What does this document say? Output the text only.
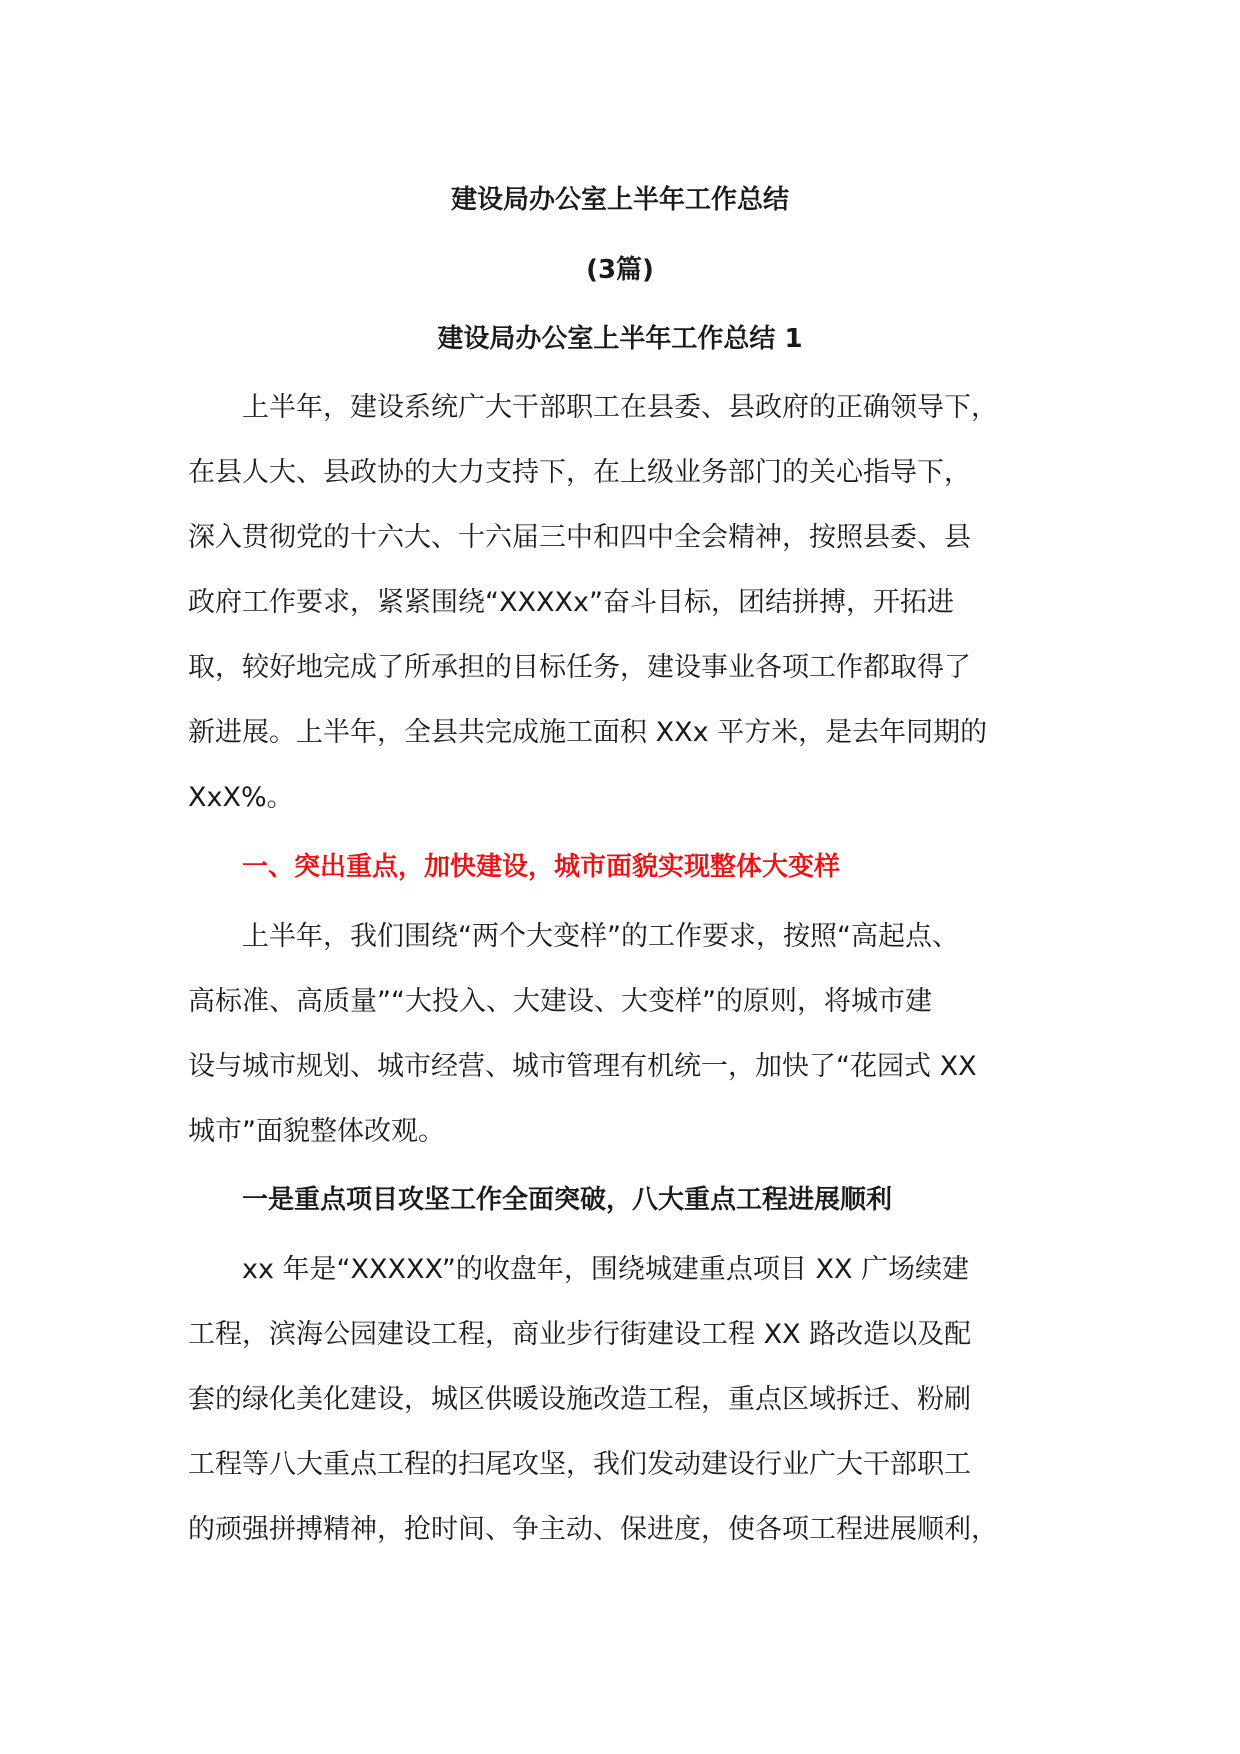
建设局办公室上半年工作总结
(3篇)
建设局办公室上半年工作总结 1
上半年，建设系统广大干部职工在县委、县政府的正确领导下，
在县人大、县政协的大力支持下，在上级业务部门的关心指导下，
深入贯彻党的十六大、十六届三中和四中全会精神，按照县委、县
政府工作要求，紧紧围绕“XXXXx”奋斗目标，团结拼搏，开拓进
取，较好地完成了所承担的目标任务，建设事业各项工作都取得了
新进展。上半年，全县共完成施工面积 XXx 平方米，是去年同期的
XxX%。
一、突出重点，加快建设，城市面貌实现整体大变样
上半年，我们围绕“两个大变样”的工作要求，按照“高起点、
高标准、高质量”“大投入、大建设、大变样”的原则，将城市建
设与城市规划、城市经营、城市管理有机统一，加快了“花园式 XX
城市”面貌整体改观。
一是重点项目攻坚工作全面突破，八大重点工程进展顺利
xx 年是“XXXXX”的收盘年，围绕城建重点项目 XX 广场续建
工程，滨海公园建设工程，商业步行街建设工程 XX 路改造以及配
套的绿化美化建设，城区供暖设施改造工程，重点区域拆迁、粉刷
工程等八大重点工程的扫尾攻坚，我们发动建设行业广大干部职工
的顽强拼搏精神，抢时间、争主动、保进度，使各项工程进展顺利，
